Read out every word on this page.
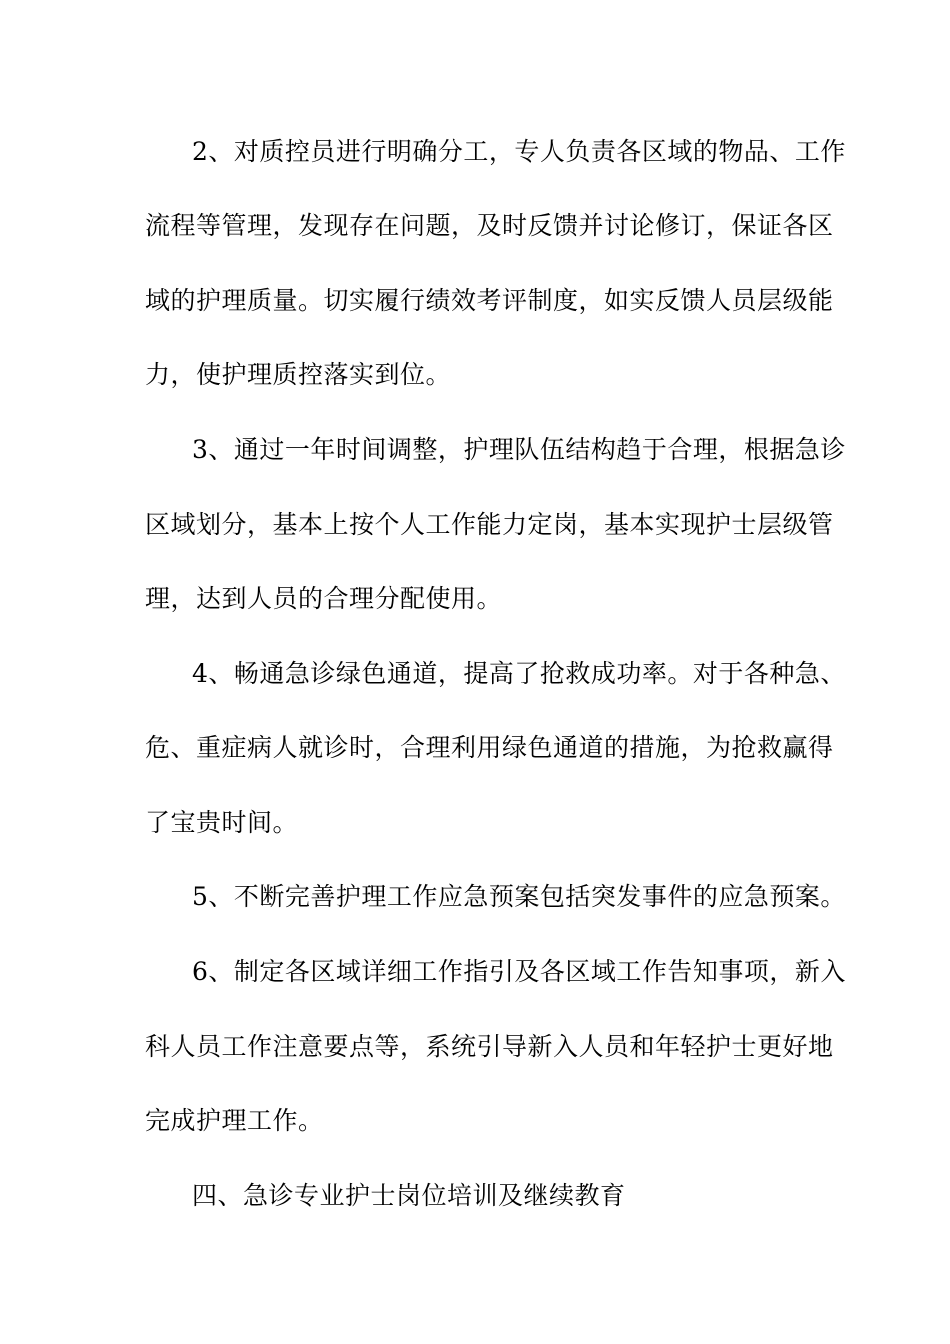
2、对质控员进行明确分工，专人负责各区域的物品、工作
流程等管理，发现存在问题，及时反馈并讨论修订，保证各区
域的护理质量。切实履行绩效考评制度，如实反馈人员层级能
力，使护理质控落实到位。
3、通过一年时间调整，护理队伍结构趋于合理，根据急诊
区域划分，基本上按个人工作能力定岗，基本实现护士层级管
理，达到人员的合理分配使用。
4、畅通急诊绿色通道，提高了抢救成功率。对于各种急、
危、重症病人就诊时，合理利用绿色通道的措施，为抢救赢得
了宝贵时间。
5、不断完善护理工作应急预案包括突发事件的应急预案。
6、制定各区域详细工作指引及各区域工作告知事项，新入
科人员工作注意要点等，系统引导新入人员和年轻护士更好地
完成护理工作。
四、急诊专业护士岗位培训及继续教育
